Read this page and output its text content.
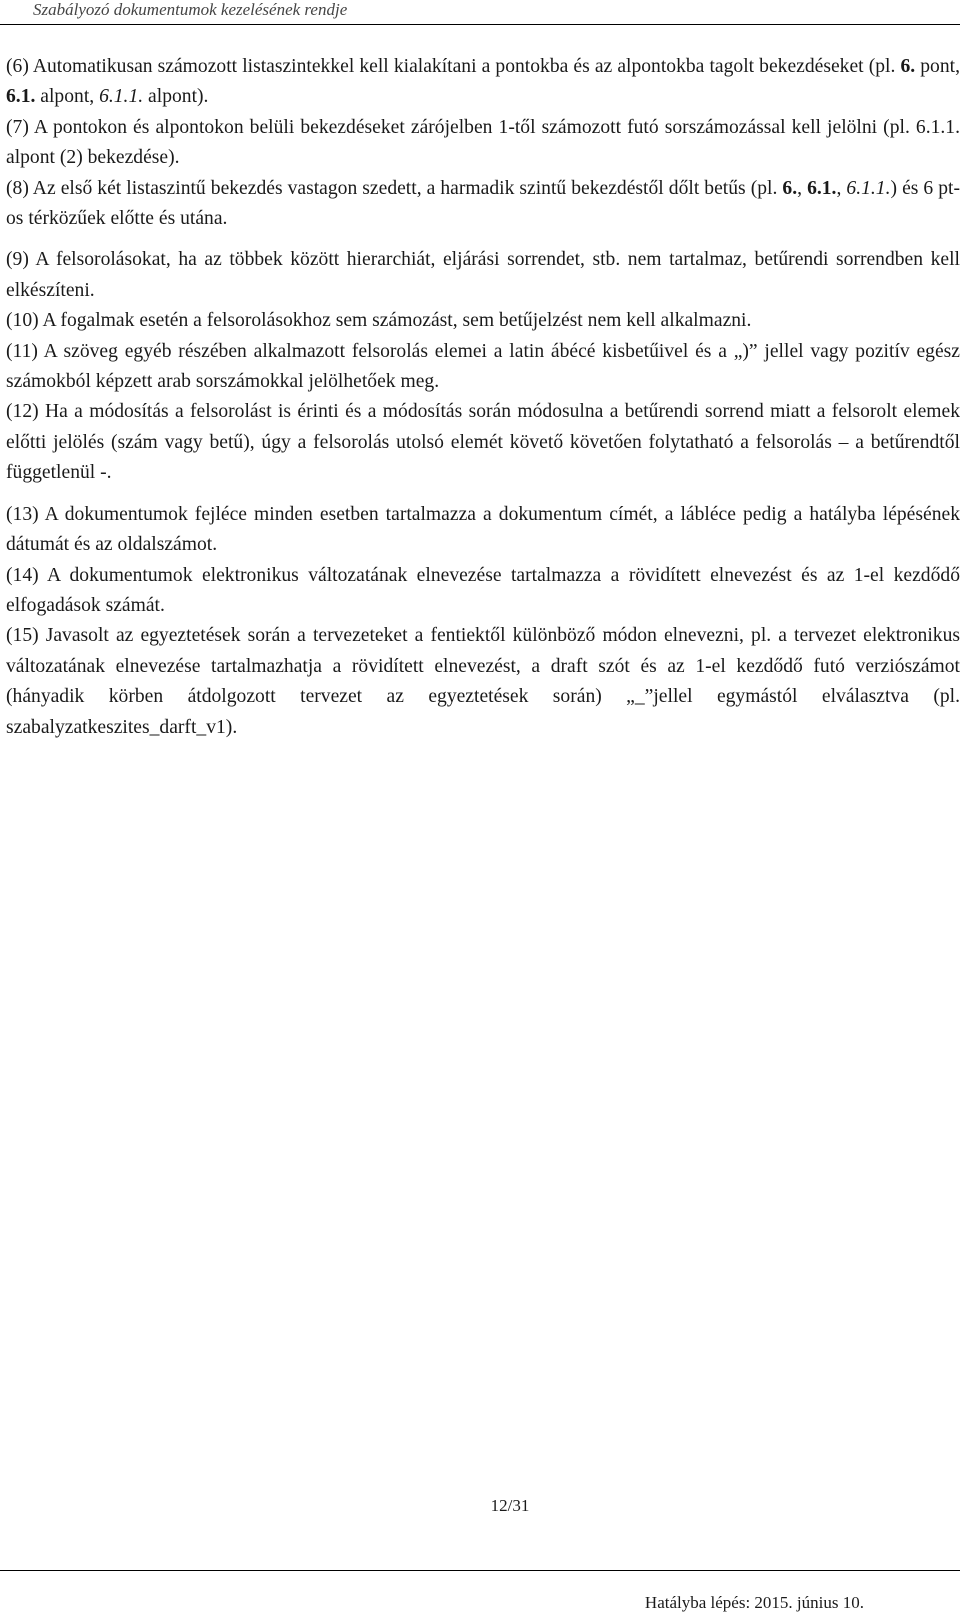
Szabályozó dokumentumok kezelésének rendje

(6) Automatikusan számozott listaszintekkel kell kialakítani a pontokba és az alpontokba tagolt bekezdéseket (pl. 6. pont, 6.1. alpont, 6.1.1. alpont).

(7) A pontokon és alpontokon belüli bekezdéseket zárójelben 1-től számozott futó sorszámozással kell jelölni (pl. 6.1.1. alpont (2) bekezdése).

(8) Az első két listaszintű bekezdés vastagon szedett, a harmadik szintű bekezdéstől dőlt betűs (pl. 6., 6.1., 6.1.1.) és 6 pt-os térközűek előtte és utána.

(9) A felsorolásokat, ha az többek között hierarchiát, eljárási sorrendet, stb. nem tartalmaz, betűrendi sorrendben kell elkészíteni.

(10) A fogalmak esetén a felsorolásokhoz sem számozást, sem betűjelzést nem kell alkalmazni.

(11) A szöveg egyéb részében alkalmazott felsorolás elemei a latin ábécé kisbetűivel és a „)” jellel vagy pozitív egész számokból képzett arab sorszámokkal jelölhetőek meg.

(12) Ha a módosítás a felsorolást is érinti és a módosítás során módosulna a betűrendi sorrend miatt a felsorolt elemek előtti jelölés (szám vagy betű), úgy a felsorolás utolsó elemét követő követően folytatható a felsorolás – a betűrendtől függetlenül -.

(13) A dokumentumok fejléce minden esetben tartalmazza a dokumentum címét, a lábléce pedig a hatályba lépésének dátumát és az oldalszámot.

(14) A dokumentumok elektronikus változatának elnevezése tartalmazza a rövidített elnevezést és az 1-el kezdődő elfogadások számát.

(15) Javasolt az egyeztetések során a tervezeteket a fentiektől különböző módon elnevezni, pl. a tervezet elektronikus változatának elnevezése tartalmazhatja a rövidített elnevezést, a draft szót és az 1-el kezdődő futó verziószámot (hányadik körben átdolgozott tervezet az egyeztetések során) „_”jellel egymástól elválasztva (pl. szabalyzatkeszites_darft_v1).

12/31
Hatályba lépés: 2015. június 10.
